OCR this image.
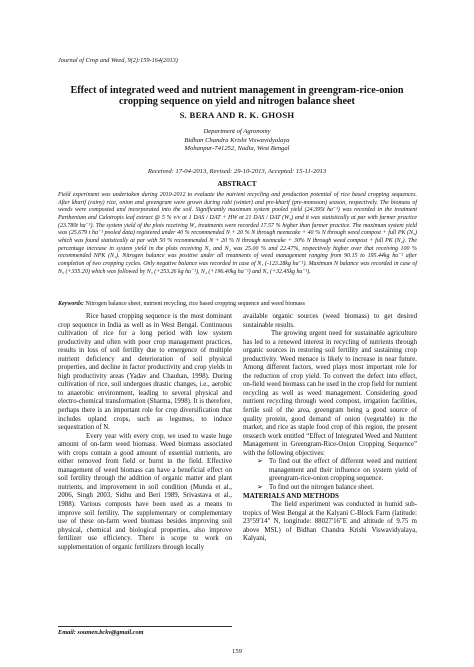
Journal of Crop and Weed, 9(2):159-164(2013)
Effect of integrated weed and nutrient management in greengram-rice-onion cropping sequence on yield and nitrogen balance sheet
S. BERA AND R. K. GHOSH
Department of Agronomy
Bidhan Chandra Krishi Viswavidyalaya
Mohanpur-741252, Nadia, West Bengal
Received: 17-04-2013, Revised: 29-10-2013, Accepted: 15-11-2013
ABSTRACT

Field experiment was undertaken during 2010-2012 to evaluate the nutrient recycling and production potential of rice based cropping sequences. After kharif (rainy) rice, onion and greengram were grown during rabi (winter) and pre-kharif (pre-monsoon) season, respectively. The biomass of weeds were composted and incorporated into the soil. Significantly maximum system pooled yield (24.395t ha⁻¹) was recorded in the treatment Parthenium and Calotropis leaf extract @ 5 % v/v at 1 DAS / DAT + HW at 21 DAS / DAT (W₂) and it was statistically at par with farmer practice (23.780t ha⁻¹). The system yield of the plots receiving W₂ treatments were recorded 17.57 % higher than farmer practice. The maximum system yield was (25.679 t ha⁻¹ pooled data) registered under 40 % recommended N + 20 % N through neemcake + 40 % N through weed compost + full PK (N₃) which was found statistically at par with 50 % recommended N + 20 % N through neemcake + 30% N through weed compost + full PK (N₄). The percentage increase in system yield in the plots receiving N₃ and N₄ was 25.00 % and 22.47%, respectively higher over that receiving 100 % recommended NPK (N₁). Nitrogen balance was positive under all treatments of weed management ranging from 90.15 to 195.44kg ha⁻¹ after completion of two cropping cycles. Only negative balance was recorded in case of N₁ (-123.28kg ha⁻¹). Maximum N balance was recorded in case of N₃ (+335.20) which was followed by N₃ (+253.26 kg ha⁻¹), N₄ (+196.40kg ha⁻¹) and N₅ (+32.45kg ha⁻¹).

Keywords: Nitrogen balance sheet, nutrient recycling, rice based cropping sequence and weed biomass

Rice based cropping sequence is the most dominant crop sequence in India as well as in West Bengal. Continuous cultivation of rice for a long period with low system productivity and often with poor crop management practices, results in loss of soil fertility due to emergence of multiple nutrient deficiency and deterioration of soil physical properties, and decline in factor productivity and crop yields in high productivity areas (Yadav and Chauhan, 1998). During cultivation of rice, soil undergoes drastic changes, i.e., aerobic to anaerobic environment, leading to several physical and electro-chemical transformation (Sharma, 1998). It is therefore, perhaps there is an important role for crop diversification that includes upland crops, such as legumes, to induce sequestration of N.

Every year with every crop, we used to waste huge amount of on-farm weed biomass. Weed biomass associated with crops contain a good amount of essential nutrients, are either removed from field or burnt in the field. Effective management of weed biomass can have a beneficial effect on soil fertility through the addition of organic matter and plant nutrients, and improvement in soil condition (Munda et al., 2006, Singh 2003, Sidhu and Beri 1989, Srivastava et al., 1988). Various composts have been used as a means to improve soil fertility. The supplementary or complementary use of these on-farm weed biomass besides improving soil physical, chemical and biological properties, also improve fertilizer use efficiency. There is scope to work on supplementation of organic fertilizers through locally

available organic sources (weed biomass) to get desired sustainable results.

The growing urgent need for sustainable agriculture has led to a renewed interest in recycling of nutrients through organic sources in restoring soil fertility and sustaining crop productivity. Weed menace is likely to increase in near future. Among different factors, weed plays most important role for the reduction of crop yield. To convert the defect into effect, on-field weed biomass can be used in the crop field for nutrient recycling as well as weed management. Considering good nutrient recycling through weed compost, irrigation facilities, fertile soil of the area, greengram being a good source of quality protein, good demand of onion (vegetable) in the market, and rice as staple food crop of this region, the present research work entitled “Effect of Integrated Weed and Nutrient Management in Greengram-Rice-Onion Cropping Sequence” with the following objectives:

➢ To find out the effect of different weed and nutrient management and their influence on system yield of greengram-rice-onion cropping sequence.
➢ To find out the nitrogen balance sheet.

MATERIALS AND METHODS

The field experiment was conducted in humid sub-tropics of West Bengal at the Kalyani C-Block Farm (latitude: 23°59'14" N, longitude: 88027'16"E and altitude of 9.75 m above MSL) of Bidhan Chandra Krishi Viswavidyalaya, Kalyani,

Email: soumen.bckv@gmail.com
159
